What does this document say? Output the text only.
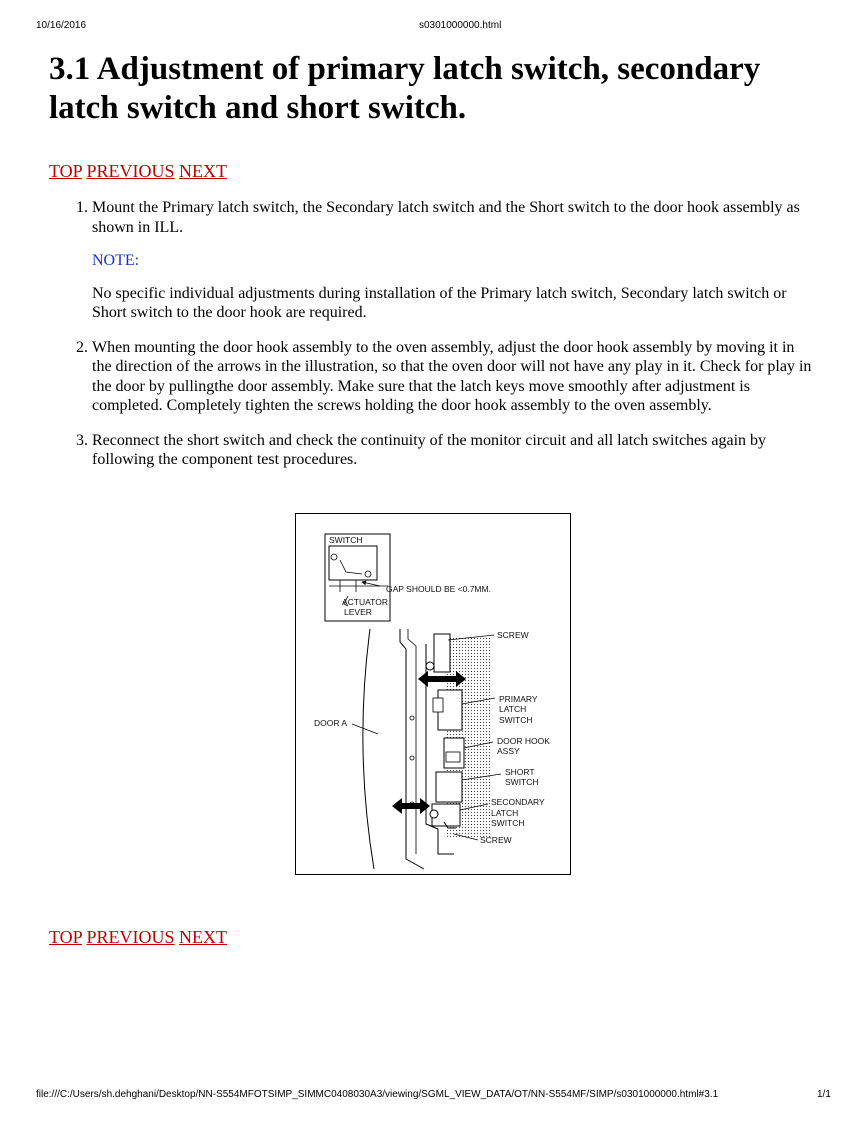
10/16/2016	s0301000000.html
3.1 Adjustment of primary latch switch, secondary latch switch and short switch.
TOP PREVIOUS NEXT
1. Mount the Primary latch switch, the Secondary latch switch and the Short switch to the door hook assembly as shown in ILL.
NOTE:
No specific individual adjustments during installation of the Primary latch switch, Secondary latch switch or Short switch to the door hook are required.
2. When mounting the door hook assembly to the oven assembly, adjust the door hook assembly by moving it in the direction of the arrows in the illustration, so that the oven door will not have any play in it. Check for play in the door by pullingthe door assembly. Make sure that the latch keys move smoothly after adjustment is completed. Completely tighten the screws holding the door hook assembly to the oven assembly.
3. Reconnect the short switch and check the continuity of the monitor circuit and all latch switches again by following the component test procedures.
SWITCH
GAP SHOULD BE <0.7MM.
ACTUATOR
LEVER
DOOR A
SCREW
PRIMARY
LATCH
SWITCH
DOOR HOOK
ASSY
SHORT
SWITCH
SECONDARY
LATCH
SWITCH
SCREW
TOP PREVIOUS NEXT
file:///C:/Users/sh.dehghani/Desktop/NN-S554MFOTSIMP_SIMMC0408030A3/viewing/SGML_VIEW_DATA/OT/NN-S554MF/SIMP/s0301000000.html#3.1	1/1
